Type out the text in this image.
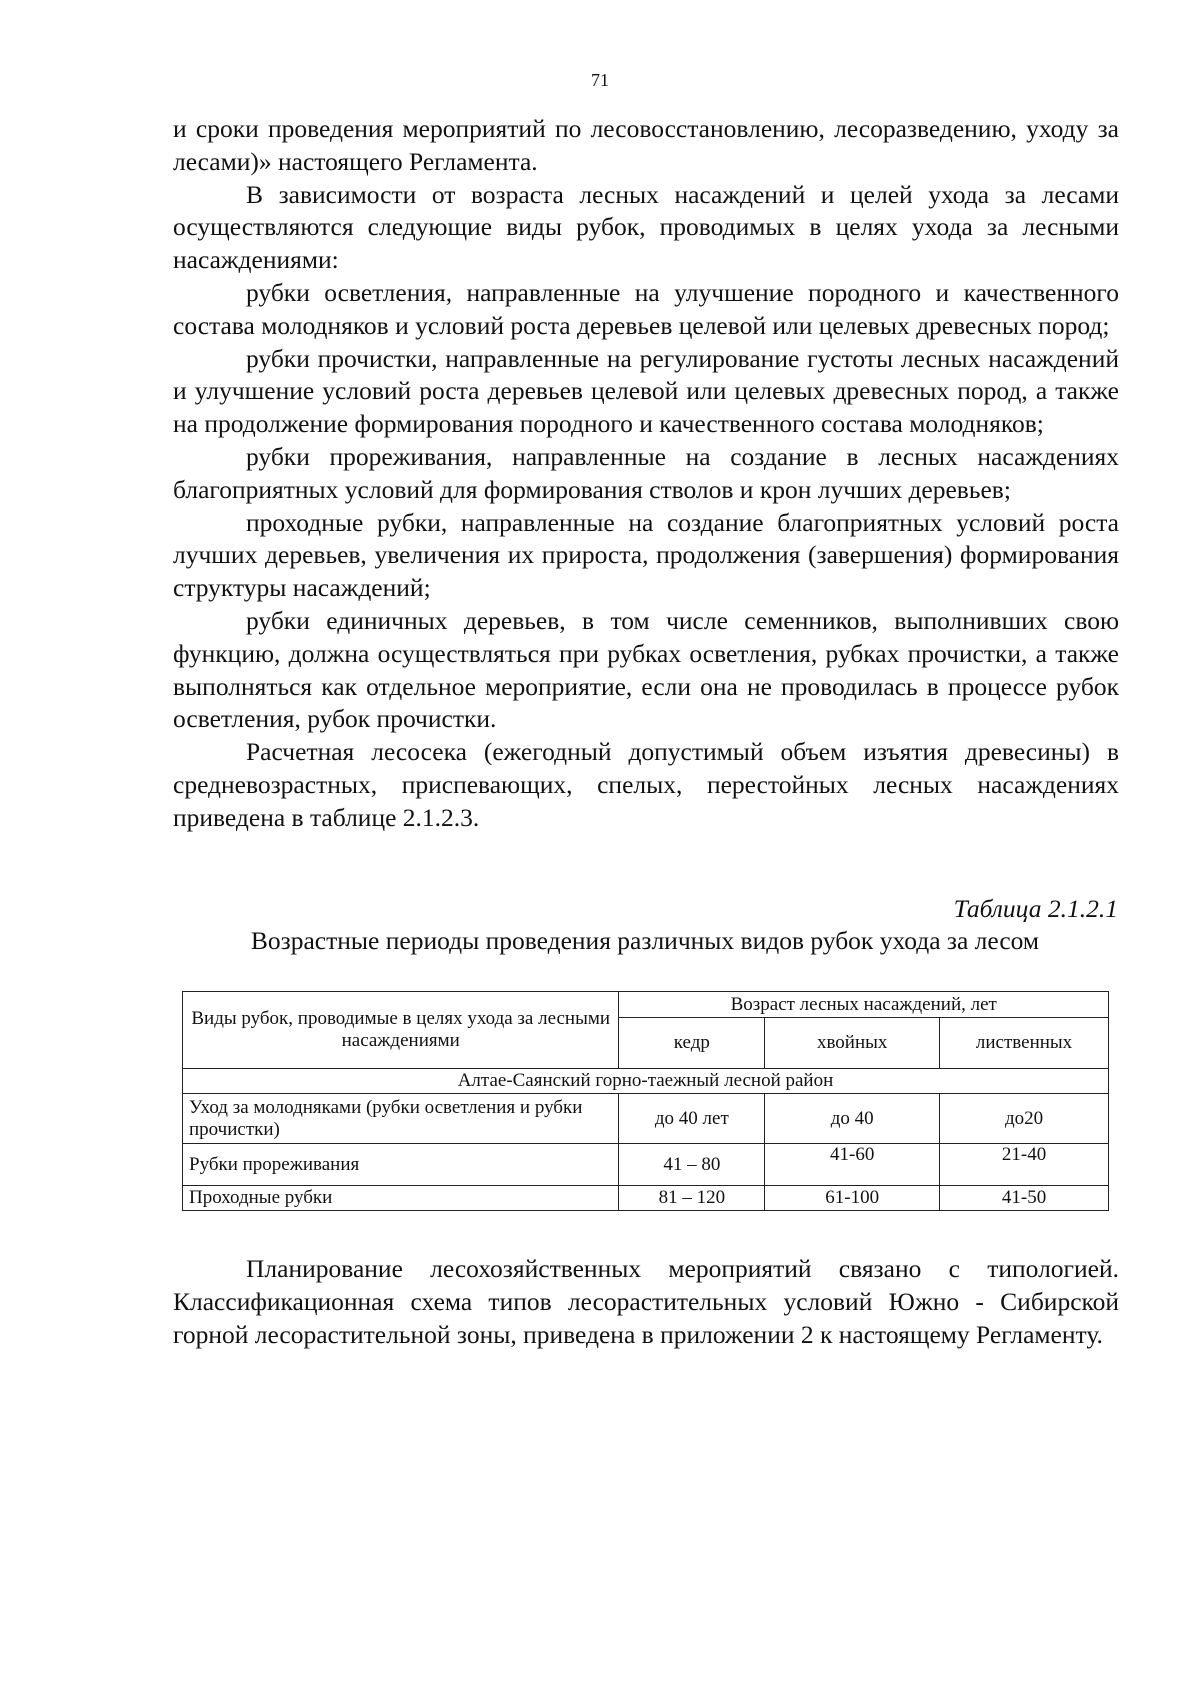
71

и сроки проведения мероприятий по лесовосстановлению, лесоразведению, уходу за лесами)» настоящего Регламента.

В зависимости от возраста лесных насаждений и целей ухода за лесами осуществляются следующие виды рубок, проводимых в целях ухода за лесными насаждениями:

рубки осветления, направленные на улучшение породного и качественного состава молодняков и условий роста деревьев целевой или целевых древесных пород;

рубки прочистки, направленные на регулирование густоты лесных насаждений и улучшение условий роста деревьев целевой или целевых древесных пород, а также на продолжение формирования породного и качественного состава молодняков;

рубки прореживания, направленные на создание в лесных насаждениях благоприятных условий для формирования стволов и крон лучших деревьев;

проходные рубки, направленные на создание благоприятных условий роста лучших деревьев, увеличения их прироста, продолжения (завершения) формирования структуры насаждений;

рубки единичных деревьев, в том числе семенников, выполнивших свою функцию, должна осуществляться при рубках осветления, рубках прочистки, а также выполняться как отдельное мероприятие, если она не проводилась в процессе рубок осветления, рубок прочистки.

Расчетная лесосека (ежегодный допустимый объем изъятия древесины) в средневозрастных, приспевающих, спелых, перестойных лесных насаждениях приведена в таблице 2.1.2.3.

Таблица 2.1.2.1
Возрастные периоды проведения различных видов рубок ухода за лесом
Виды рубок, проводимые в целях ухода за лесными насаждениями	Возраст лесных насаждений, лет		
	кедр	хвойных	лиственных
Алтае-Саянский горно-таежный лесной район			
Уход за молодняками (рубки осветления и рубки прочистки)	до 40 лет	до 40	до20
Рубки прореживания	41 – 80	41-60	21-40
Проходные рубки	81 – 120	61-100	41-50

Планирование лесохозяйственных мероприятий связано с типологией. Классификационная схема типов лесорастительных условий Южно - Сибирской горной лесорастительной зоны, приведена в приложении 2 к настоящему Регламенту.
